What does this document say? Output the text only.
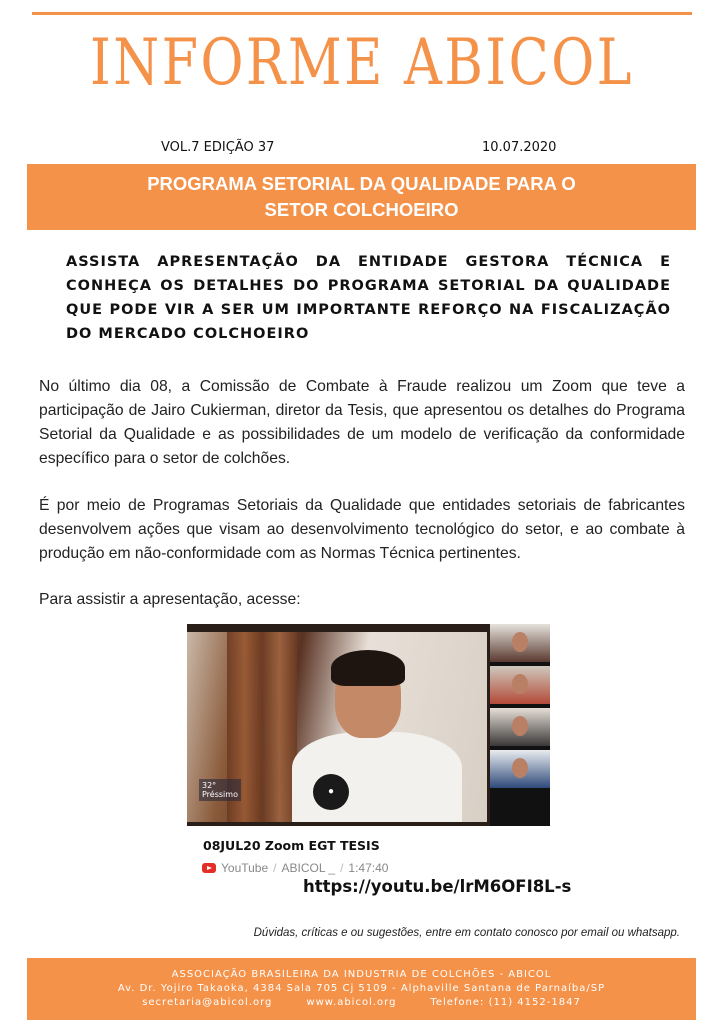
INFORME ABICOL
VOL.7 EDIÇÃO 37	10.07.2020
PROGRAMA SETORIAL DA QUALIDADE PARA O
SETOR COLCHOEIRO
ASSISTA APRESENTAÇÃO DA ENTIDADE GESTORA TÉCNICA E CONHEÇA OS DETALHES DO PROGRAMA SETORIAL DA QUALIDADE QUE PODE VIR A SER UM IMPORTANTE REFORÇO NA FISCALIZAÇÃO DO MERCADO COLCHOEIRO
No último dia 08, a Comissão de Combate à Fraude realizou um Zoom que teve a participação de Jairo Cukierman, diretor da Tesis, que apresentou os detalhes do Programa Setorial da Qualidade e as possibilidades de um modelo de verificação da conformidade específico para o setor de colchões.
É por meio de Programas Setoriais da Qualidade que entidades setoriais de fabricantes desenvolvem ações que visam ao desenvolvimento tecnológico do setor, e ao combate à produção em não-conformidade com as Normas Técnica pertinentes.
Para assistir a apresentação, acesse:
●
32°
Préssimo
08JUL20 Zoom EGT TESIS
YouTube / ABICOL _ / 1:47:40
https://youtu.be/lrM6OFI8L-s
Dúvidas, críticas e ou sugestões, entre em contato conosco por email ou whatsapp.
ASSOCIAÇÃO BRASILEIRA DA INDUSTRIA DE COLCHÕES - ABICOL
Av. Dr. Yojiro Takaoka, 4384 Sala 705 Cj 5109 - Alphaville Santana de Parnaíba/SP
secretaria@abicol.org	www.abicol.org	Telefone: (11) 4152-1847
